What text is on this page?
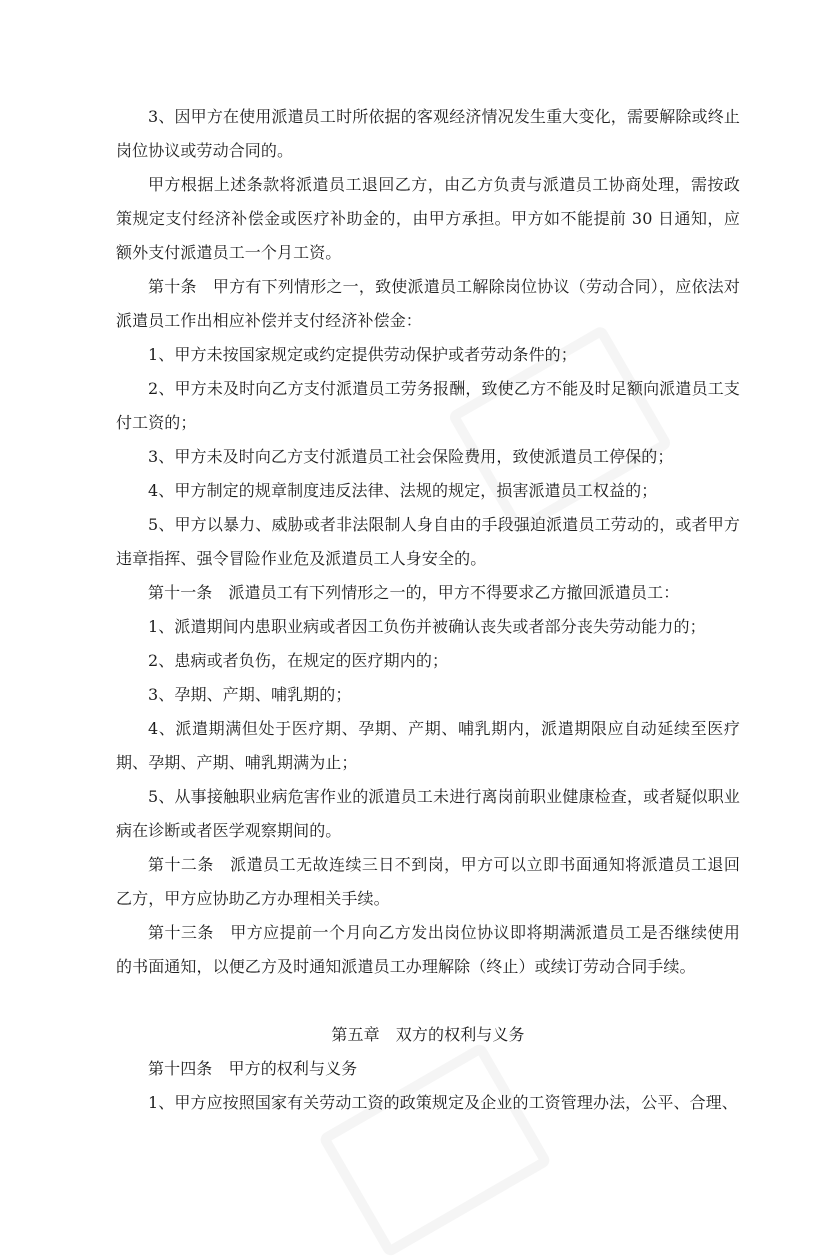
3、因甲方在使用派遣员工时所依据的客观经济情况发生重大变化，需要解除或终止岗位协议或劳动合同的。

甲方根据上述条款将派遣员工退回乙方，由乙方负责与派遣员工协商处理，需按政策规定支付经济补偿金或医疗补助金的，由甲方承担。甲方如不能提前 30 日通知，应额外支付派遣员工一个月工资。

第十条　甲方有下列情形之一，致使派遣员工解除岗位协议（劳动合同），应依法对派遣员工作出相应补偿并支付经济补偿金：

1、甲方未按国家规定或约定提供劳动保护或者劳动条件的；

2、甲方未及时向乙方支付派遣员工劳务报酬，致使乙方不能及时足额向派遣员工支付工资的；

3、甲方未及时向乙方支付派遣员工社会保险费用，致使派遣员工停保的；

4、甲方制定的规章制度违反法律、法规的规定，损害派遣员工权益的；

5、甲方以暴力、威胁或者非法限制人身自由的手段强迫派遣员工劳动的，或者甲方违章指挥、强令冒险作业危及派遣员工人身安全的。

第十一条　派遣员工有下列情形之一的，甲方不得要求乙方撤回派遣员工：

1、派遣期间内患职业病或者因工负伤并被确认丧失或者部分丧失劳动能力的；

2、患病或者负伤，在规定的医疗期内的；

3、孕期、产期、哺乳期的；

4、派遣期满但处于医疗期、孕期、产期、哺乳期内，派遣期限应自动延续至医疗期、孕期、产期、哺乳期满为止；

5、从事接触职业病危害作业的派遣员工未进行离岗前职业健康检查，或者疑似职业病在诊断或者医学观察期间的。

第十二条　派遣员工无故连续三日不到岗，甲方可以立即书面通知将派遣员工退回乙方，甲方应协助乙方办理相关手续。

第十三条　甲方应提前一个月向乙方发出岗位协议即将期满派遣员工是否继续使用的书面通知，以便乙方及时通知派遣员工办理解除（终止）或续订劳动合同手续。

第五章　双方的权利与义务

第十四条　甲方的权利与义务

1、甲方应按照国家有关劳动工资的政策规定及企业的工资管理办法，公平、合理、
